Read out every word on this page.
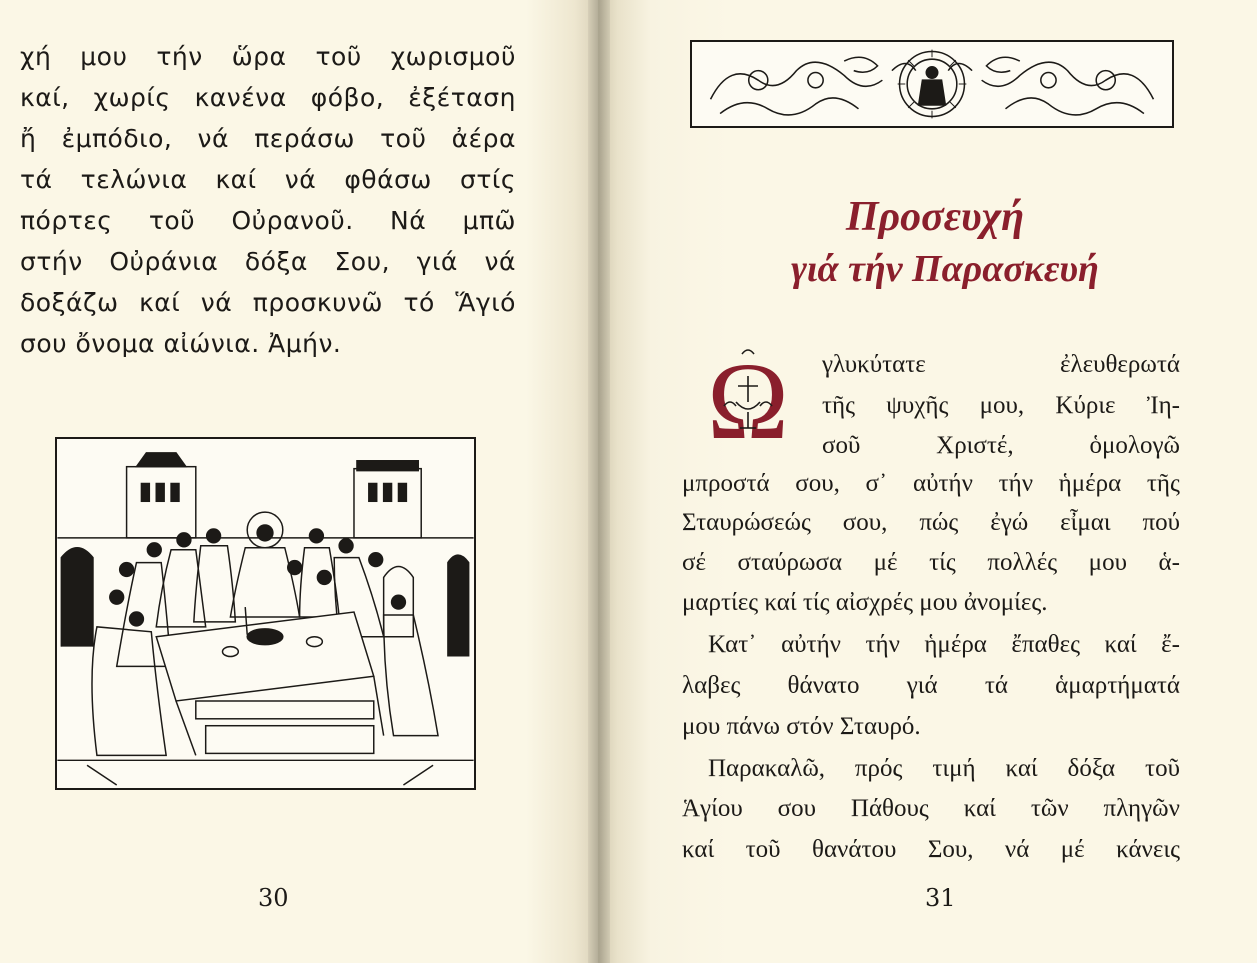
χή μου τήν ὥρα τοῦ χωρισμοῦ
καί, χωρίς κανένα φόβο, ἐξέταση
ἤ ἐμπόδιο, νά περάσω τοῦ ἀέρα
τά τελώνια καί νά φθάσω στίς
πόρτες τοῦ Οὐρανοῦ. Νά μπῶ
στήν Οὐράνια δόξα Σου, γιά νά
δοξάζω καί νά προσκυνῶ τό Ἅγιό
σου ὄνομα αἰώνια. Ἀμήν.
30
Προσευχή
γιά τήν Παρασκευή
Ω γλυκύτατε	ἐλευθερωτά
τῆς ψυχῆς μου, Κύριε Ἰη-
σοῦ	Χριστέ,	ὁμολογῶ
μπροστά σου, σ᾽ αὐτήν τήν ἡμέρα τῆς
Σταυρώσεώς σου, πώς ἐγώ εἶμαι πού
σέ σταύρωσα μέ τίς πολλές μου ἁ-
μαρτίες καί τίς αἰσχρές μου ἀνομίες.
Κατ᾽ αὐτήν τήν ἡμέρα ἔπαθες καί ἔ-
λαβες θάνατο γιά τά ἁμαρτήματά
μου πάνω στόν Σταυρό.
Παρακαλῶ, πρός τιμή καί δόξα τοῦ
Ἁγίου σου Πάθους καί τῶν πληγῶν
καί τοῦ θανάτου Σου, νά μέ κάνεις
31
